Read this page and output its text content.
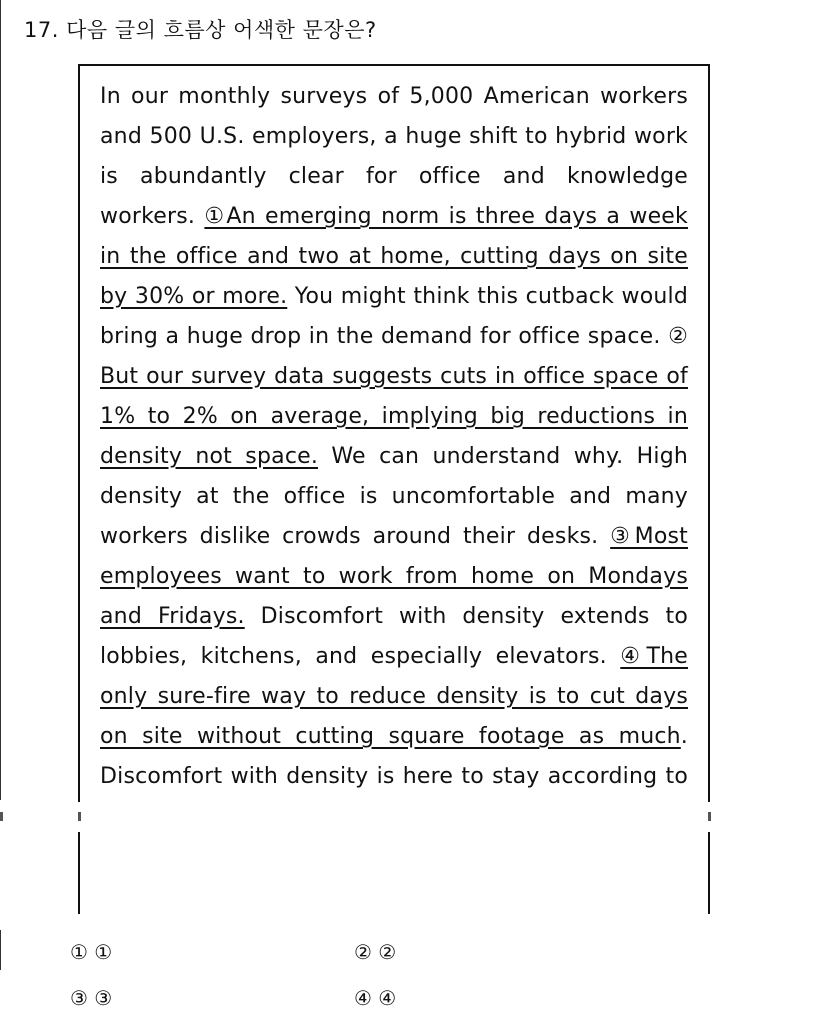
17. 다음 글의 흐름상 어색한 문장은?
In our monthly surveys of 5,000 American workers and 500 U.S. employers, a huge shift to hybrid work is abundantly clear for office and knowledge workers. ①An emerging norm is three days a week in the office and two at home, cutting days on site by 30% or more. You might think this cutback would bring a huge drop in the demand for office space. ② But our survey data suggests cuts in office space of 1% to 2% on average, implying big reductions in density not space. We can understand why. High density at the office is uncomfortable and many workers dislike crowds around their desks. ③Most employees want to work from home on Mondays and Fridays. Discomfort with density extends to lobbies, kitchens, and especially elevators. ④The only sure-fire way to reduce density is to cut days on site without cutting square footage as much. Discomfort with density is here to stay according to
① ①	② ②
③ ③	④ ④
